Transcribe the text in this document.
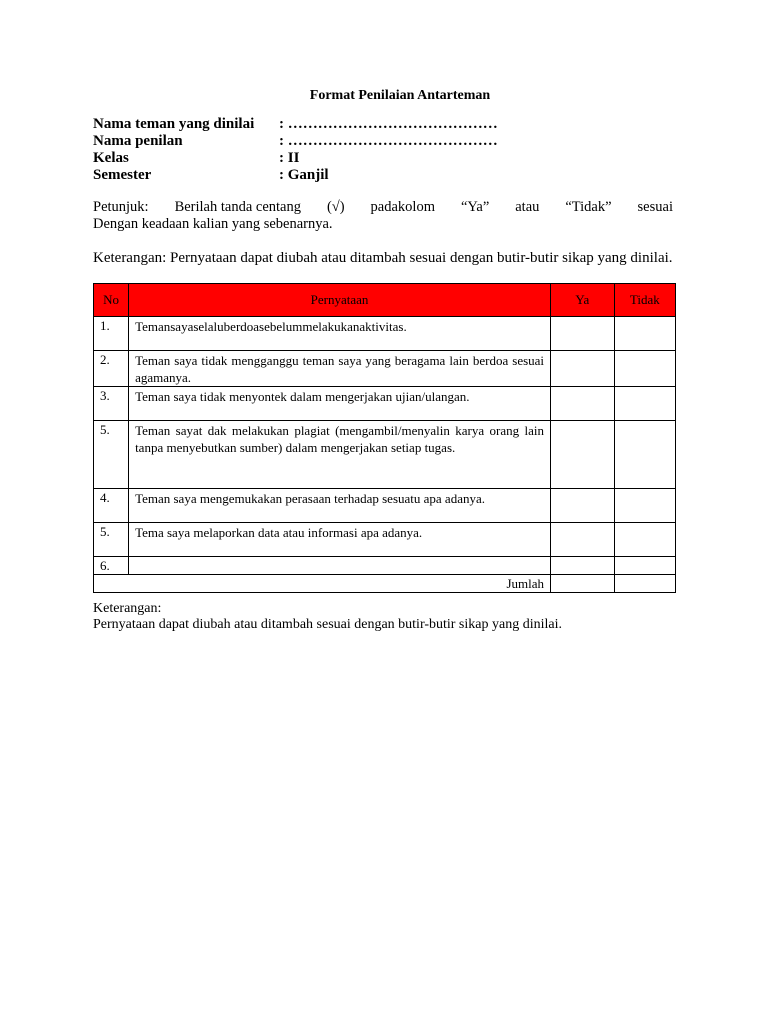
Format Penilaian Antarteman
Nama teman yang dinilai	: ……………………………………
Nama penilan	: ……………………………………
Kelas	: II
Semester	: Ganjil
Petunjuk: Berilah tanda centang (√) padakolom “Ya” atau “Tidak” sesuai
Dengan keadaan kalian yang sebenarnya.
Keterangan: Pernyataan dapat diubah atau ditambah sesuai dengan butir-butir sikap yang dinilai.
No	Pernyataan	Ya	Tidak
1.	Temansayaselaluberdoasebelummelakukanaktivitas.		
2.	Teman saya tidak mengganggu teman saya yang beragama lain berdoa sesuai agamanya.		
3.	Teman saya tidak menyontek dalam mengerjakan ujian/ulangan.		
5.	Teman sayat dak melakukan plagiat (mengambil/menyalin karya orang lain tanpa menyebutkan sumber) dalam mengerjakan setiap tugas.		
4.	Teman saya mengemukakan perasaan terhadap sesuatu apa adanya.		
5.	Tema saya melaporkan data atau informasi apa adanya.		
6.			
Jumlah			
Keterangan:
Pernyataan dapat diubah atau ditambah sesuai dengan butir-butir sikap yang dinilai.
